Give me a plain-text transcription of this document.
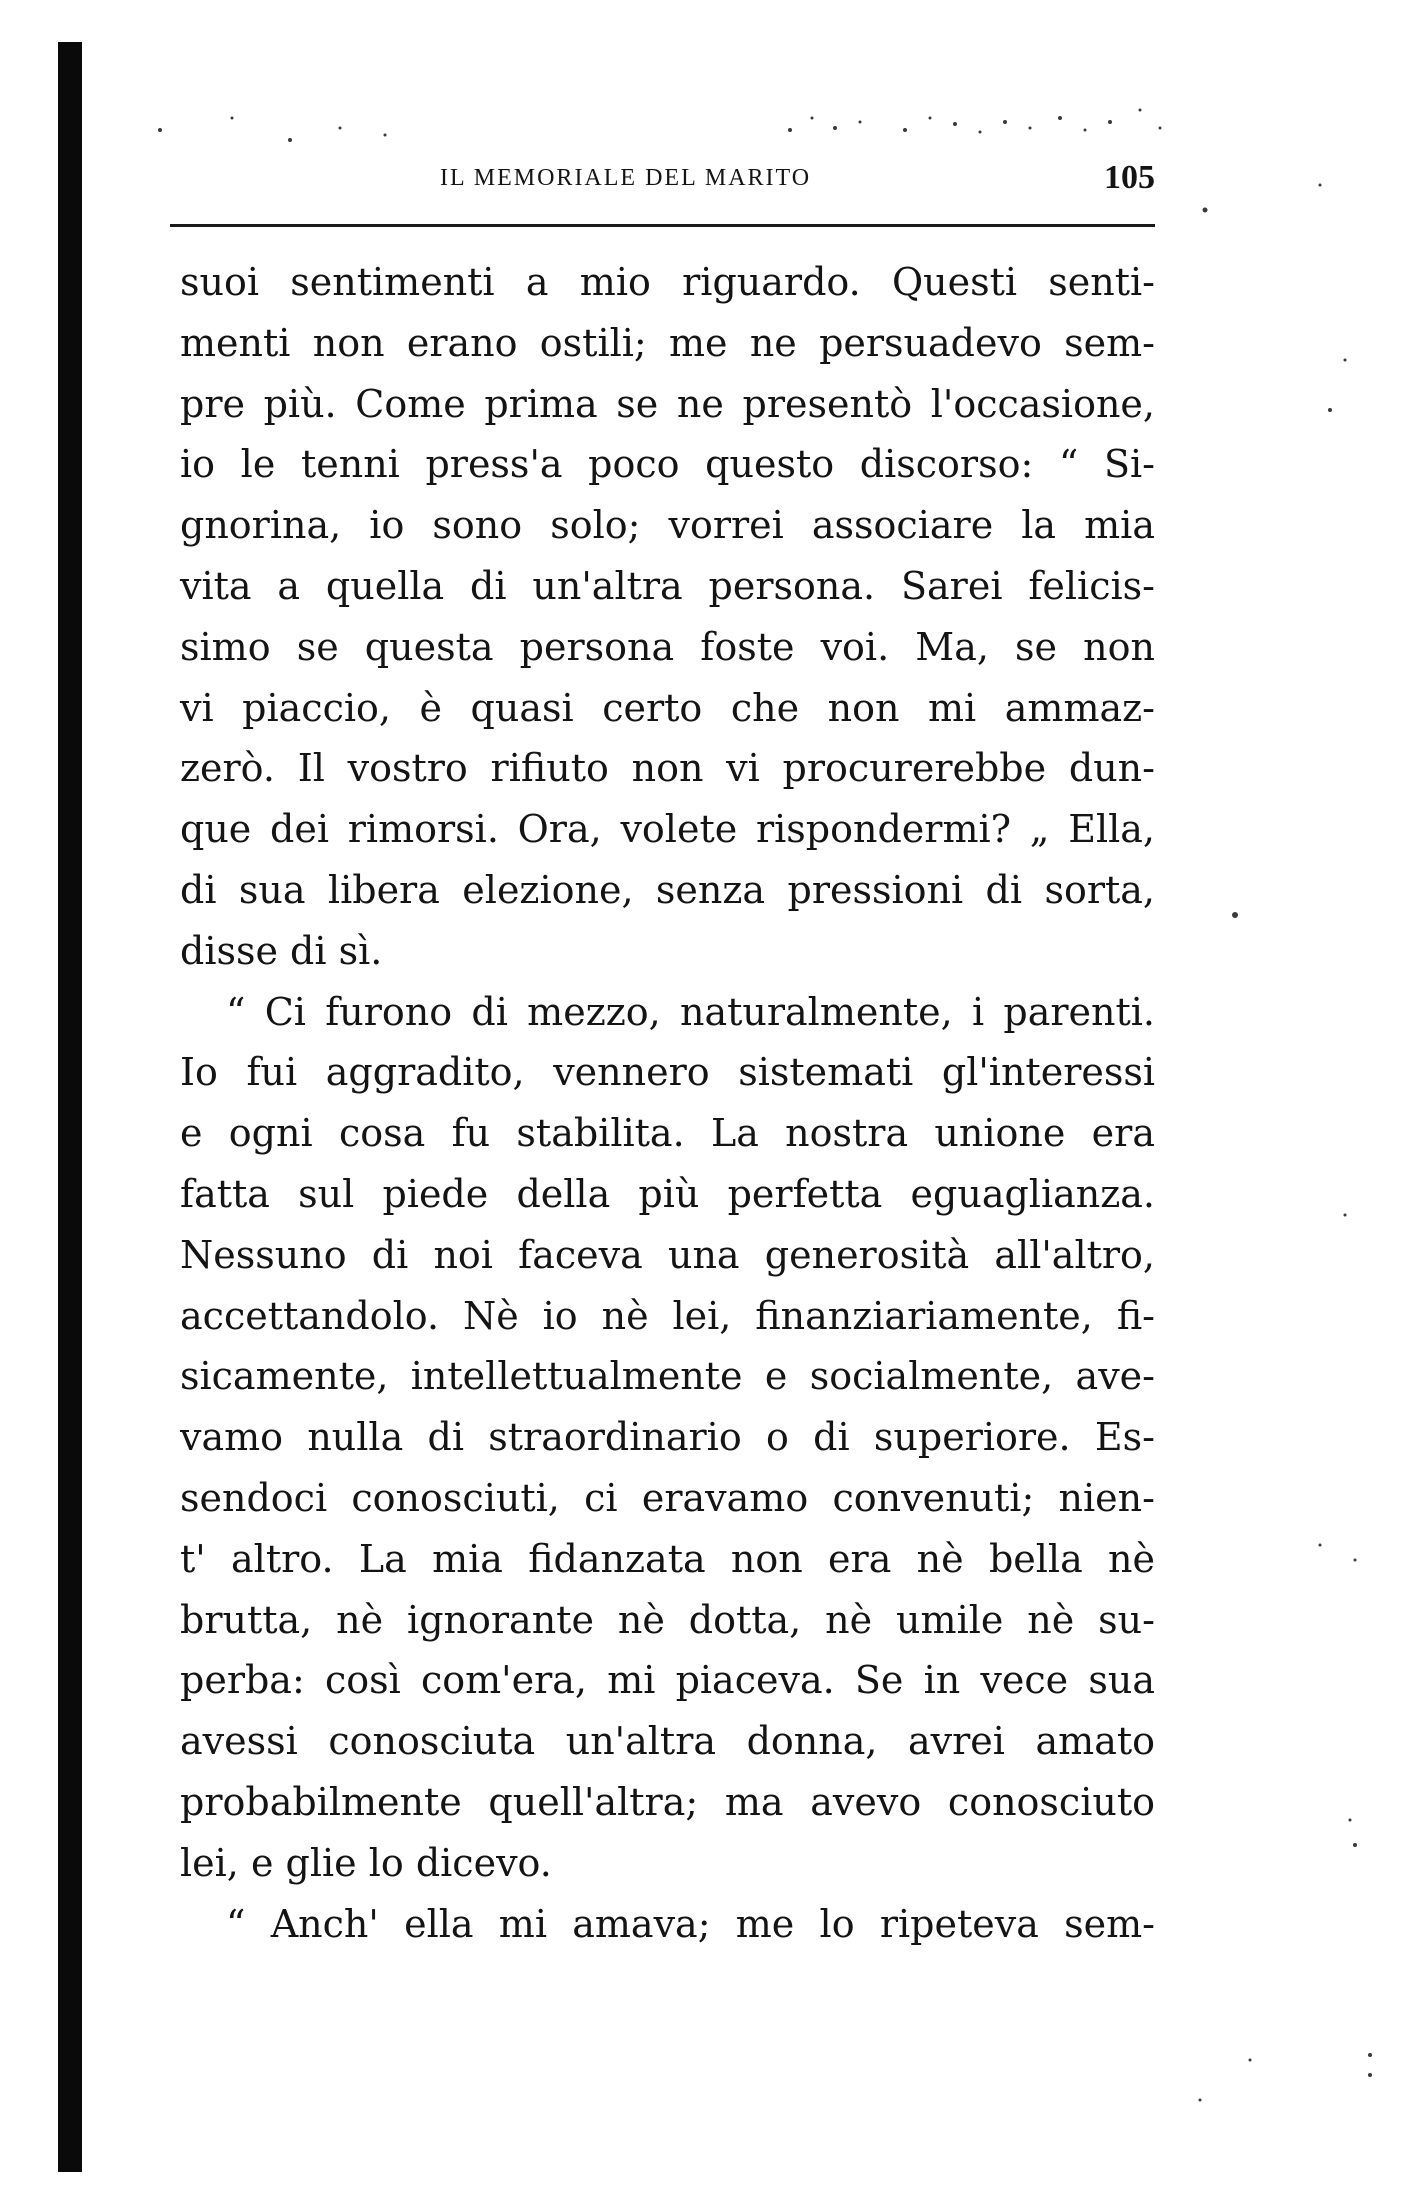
IL MEMORIALE DEL MARITO	105
suoi sentimenti a mio riguardo. Questi senti-
menti non erano ostili; me ne persuadevo sem-
pre più. Come prima se ne presentò l'occasione,
io le tenni press'a poco questo discorso: “ Si-
gnorina, io sono solo; vorrei associare la mia
vita a quella di un'altra persona. Sarei felicis-
simo se questa persona foste voi. Ma, se non
vi piaccio, è quasi certo che non mi ammaz-
zerò. Il vostro rifiuto non vi procurerebbe dun-
que dei rimorsi. Ora, volete rispondermi? „ Ella,
di sua libera elezione, senza pressioni di sorta,
disse di sì.
“ Ci furono di mezzo, naturalmente, i parenti.
Io fui aggradito, vennero sistemati gl'interessi
e ogni cosa fu stabilita. La nostra unione era
fatta sul piede della più perfetta eguaglianza.
Nessuno di noi faceva una generosità all'altro,
accettandolo. Nè io nè lei, finanziariamente, fi-
sicamente, intellettualmente e socialmente, ave-
vamo nulla di straordinario o di superiore. Es-
sendoci conosciuti, ci eravamo convenuti; nien-
t' altro. La mia fidanzata non era nè bella nè
brutta, nè ignorante nè dotta, nè umile nè su-
perba: così com'era, mi piaceva. Se in vece sua
avessi conosciuta un'altra donna, avrei amato
probabilmente quell'altra; ma avevo conosciuto
lei, e glie lo dicevo.
“ Anch' ella mi amava; me lo ripeteva sem-
